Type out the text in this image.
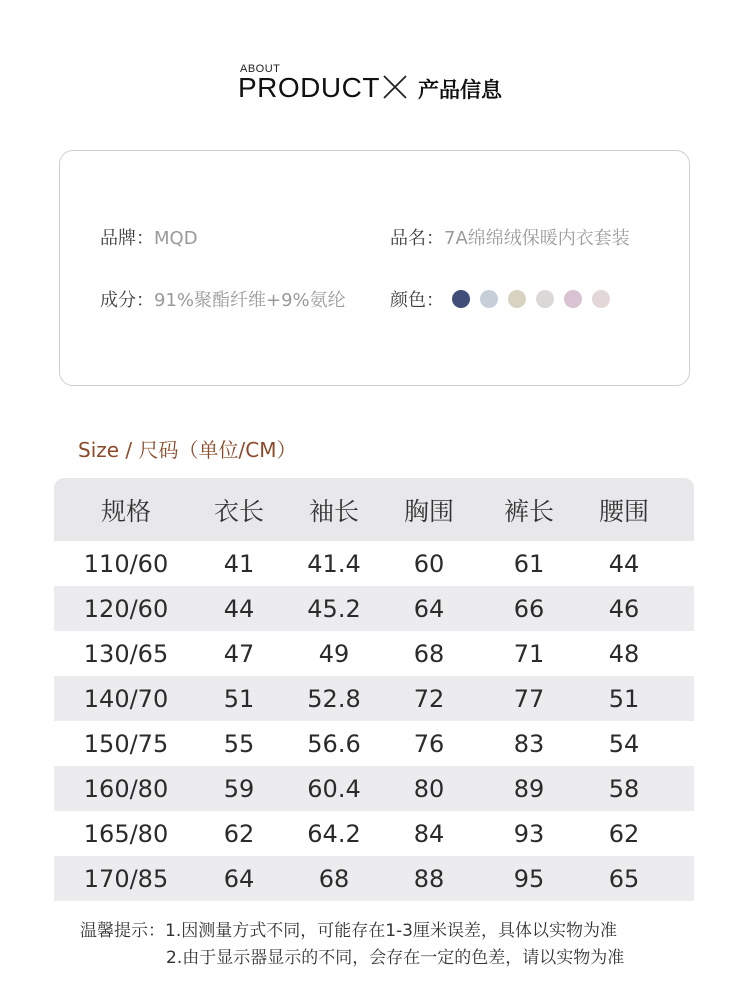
ABOUT
PRODUCT 产品信息
品牌：MQD	品名：7A绵绵绒保暖内衣套装
成分：91%聚酯纤维+9%氨纶 颜色：
Size / 尺码（单位/CM）
规格	衣长	袖长	胸围	裤长	腰围
110/60	41	41.4	60	61	44
120/60	44	45.2	64	66	46
130/65	47	49	68	71	48
140/70	51	52.8	72	77	51
150/75	55	56.6	76	83	54
160/80	59	60.4	80	89	58
165/80	62	64.2	84	93	62
170/85	64	68	88	95	65
温馨提示：1.因测量方式不同，可能存在1-3厘米误差，具体以实物为准
2.由于显示器显示的不同，会存在一定的色差，请以实物为准
